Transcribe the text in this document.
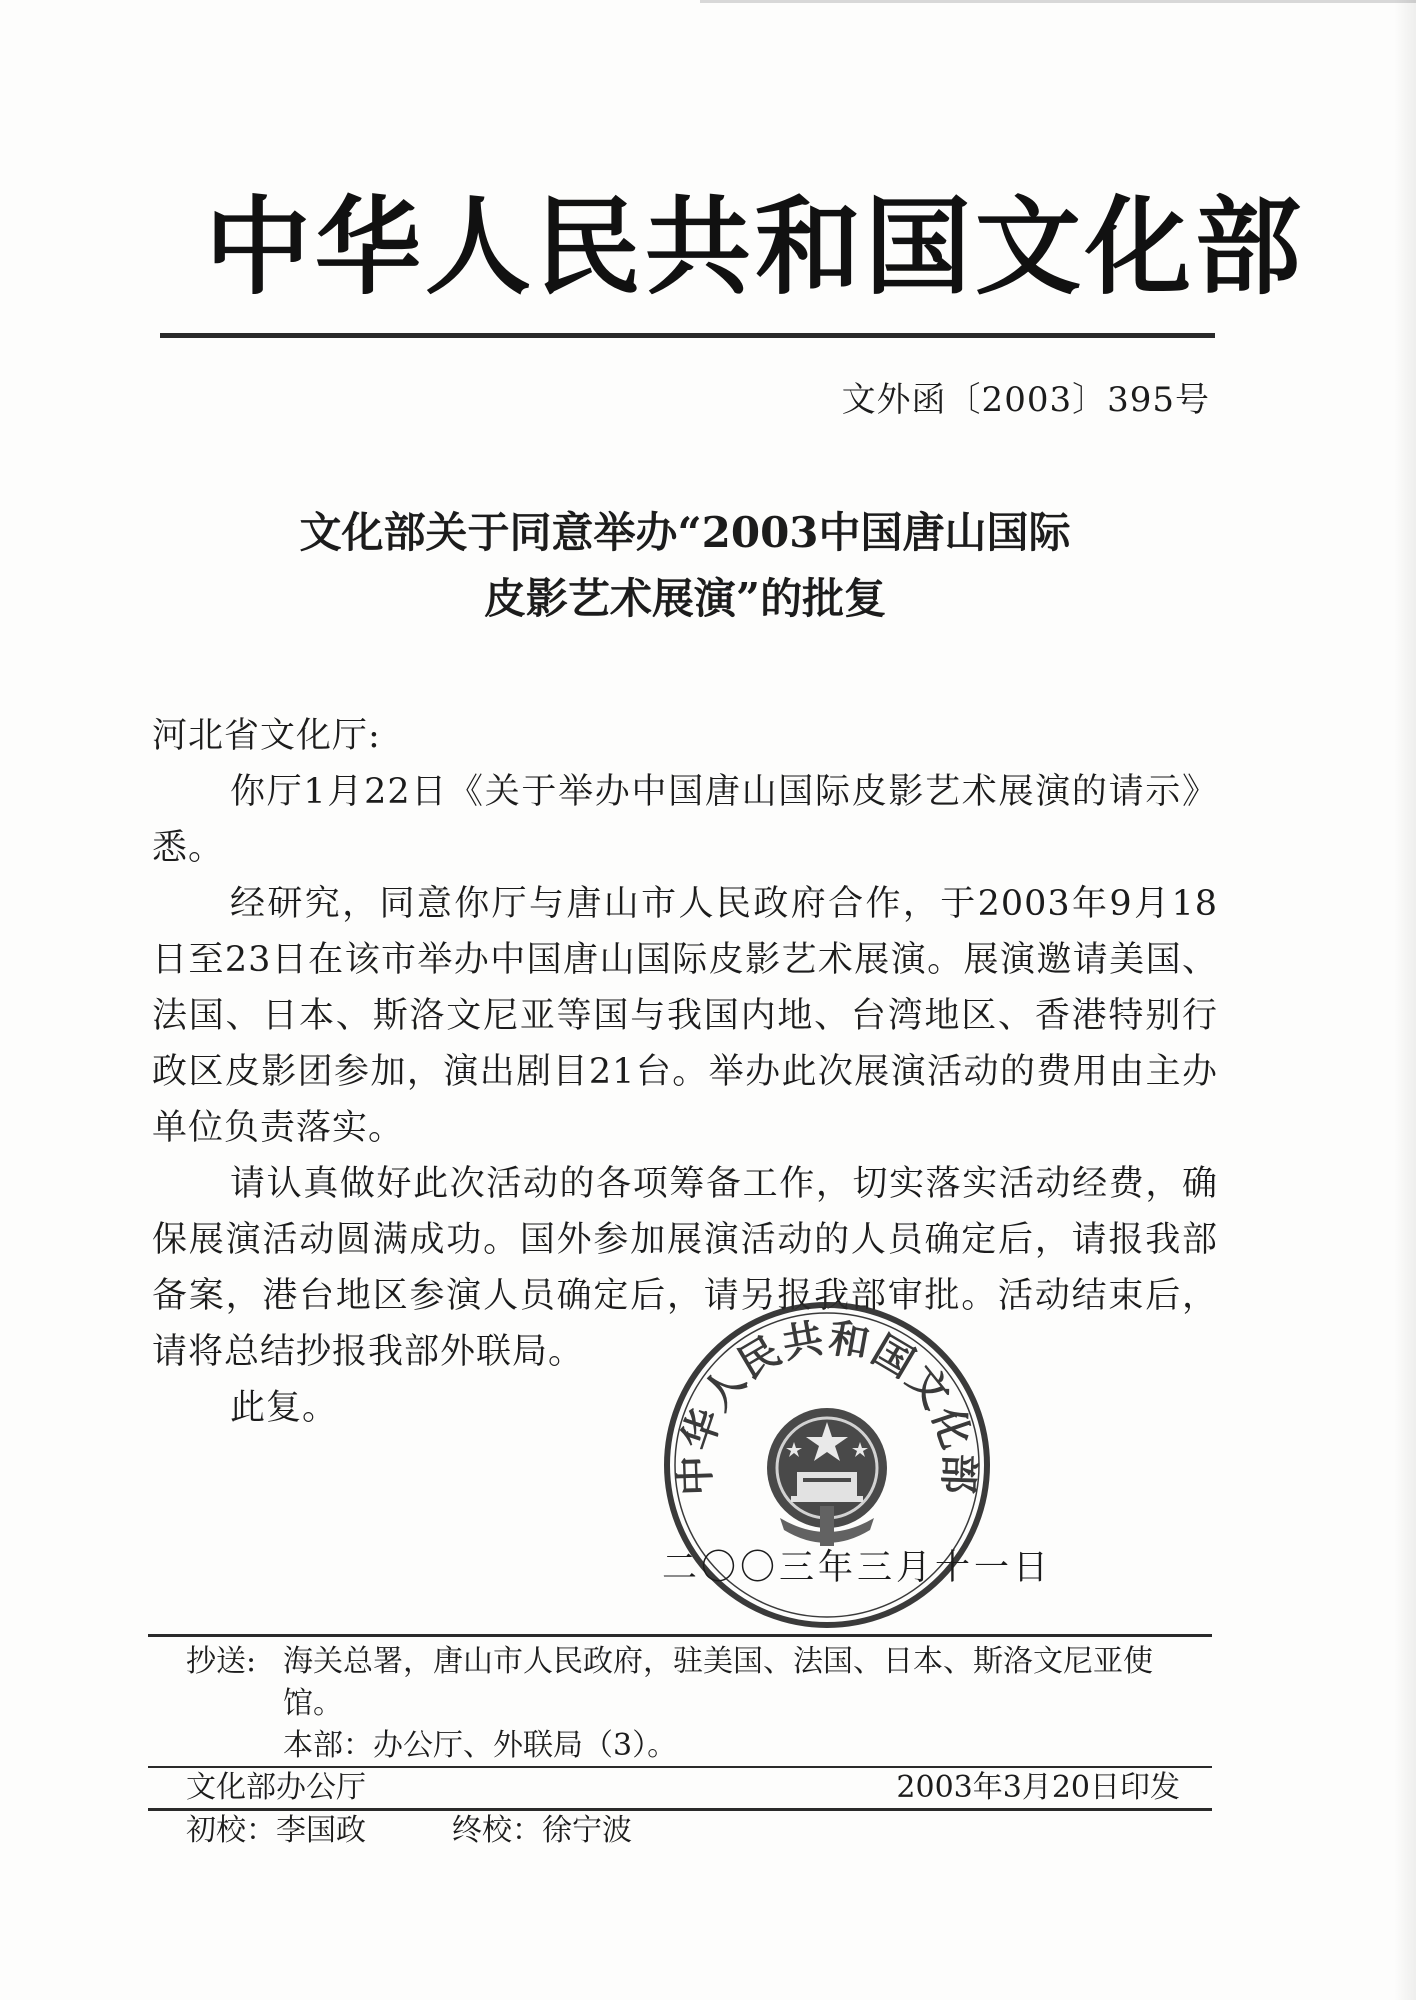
中华人民共和国文化部
文外函〔2003〕395号
文化部关于同意举办“2003中国唐山国际
皮影艺术展演”的批复

河北省文化厅:

你厅1月22日《关于举办中国唐山国际皮影艺术展演的请示》悉。

经研究，同意你厅与唐山市人民政府合作，于2003年9月18日至23日在该市举办中国唐山国际皮影艺术展演。展演邀请美国、法国、日本、斯洛文尼亚等国与我国内地、台湾地区、香港特别行政区皮影团参加，演出剧目21台。举办此次展演活动的费用由主办单位负责落实。

请认真做好此次活动的各项筹备工作，切实落实活动经费，确保展演活动圆满成功。国外参加展演活动的人员确定后，请报我部备案，港台地区参演人员确定后，请另报我部审批。活动结束后，请将总结抄报我部外联局。

此复。

中华人民共和国文化部
二〇〇三年三月十一日
抄送: 海关总署，唐山市人民政府，驻美国、法国、日本、斯洛文尼亚使馆。
本部：办公厅、外联局（3）。
文化部办公厅	2003年3月20日印发
初校：李国政	终校：徐宁波
